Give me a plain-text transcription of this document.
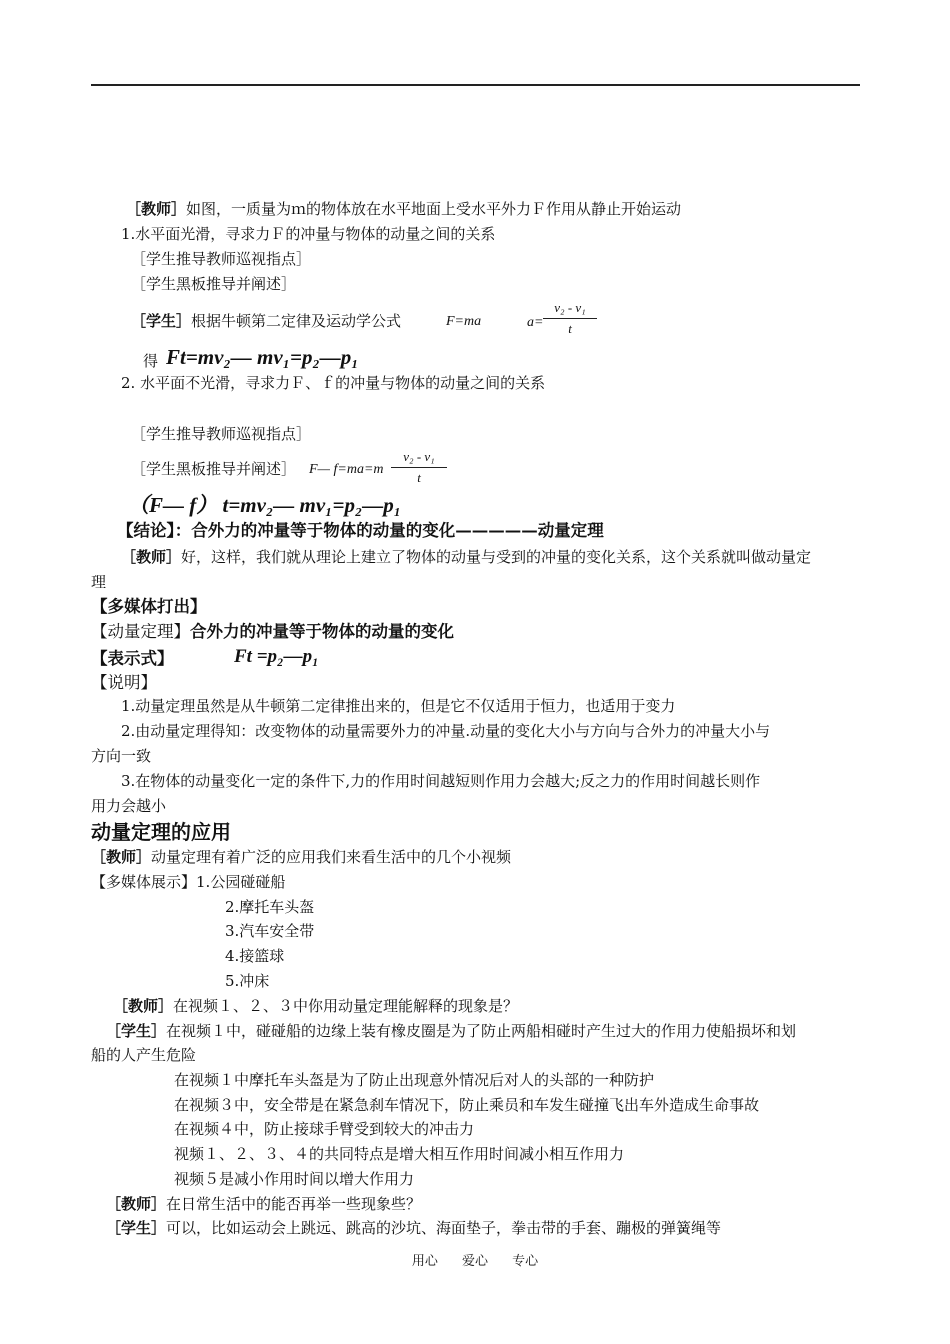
［教师］如图，一质量为ｍ的物体放在水平地面上受水平外力Ｆ作用从静止开始运动
1.水平面光滑，寻求力Ｆ的冲量与物体的动量之间的关系
［学生推导教师巡视指点］
［学生黑板推导并阐述］
［学生］根据牛顿第二定律及运动学公式	F=ma	a=
v₂ - v₁
t
得 Ft=mv₂— mv₁=p₂—p₁
2. 水平面不光滑，寻求力Ｆ、ｆ的冲量与物体的动量之间的关系
［学生推导教师巡视指点］
［学生黑板推导并阐述］ F— f=ma=m
v₂ - v₁
t
（F— f） t=mv₂— mv₁=p₂—p₁
【结论】：合外力的冲量等于物体的动量的变化—————动量定理
［教师］好，这样，我们就从理论上建立了物体的动量与受到的冲量的变化关系，这个关系就叫做动量定
理
【多媒体打出】
【动量定理】合外力的冲量等于物体的动量的变化
【表示式】	Ft =p₂—p₁
【说明】
1.动量定理虽然是从牛顿第二定律推出来的，但是它不仅适用于恒力，也适用于变力
2.由动量定理得知：改变物体的动量需要外力的冲量.动量的变化大小与方向与合外力的冲量大小与
方向一致
3.在物体的动量变化一定的条件下,力的作用时间越短则作用力会越大;反之力的作用时间越长则作
用力会越小
动量定理的应用
［教师］动量定理有着广泛的应用我们来看生活中的几个小视频
【多媒体展示】1.公园碰碰船
2.摩托车头盔
3.汽车安全带
4.接篮球
5.冲床
［教师］在视频１、２、３中你用动量定理能解释的现象是？
［学生］在视频１中，碰碰船的边缘上装有橡皮圈是为了防止两船相碰时产生过大的作用力使船损坏和划
船的人产生危险
在视频１中摩托车头盔是为了防止出现意外情况后对人的头部的一种防护
在视频３中，安全带是在紧急刹车情况下，防止乘员和车发生碰撞飞出车外造成生命事故
在视频４中，防止接球手臂受到较大的冲击力
视频１、２、３、４的共同特点是增大相互作用时间减小相互作用力
视频５是减小作用时间以增大作用力
［教师］在日常生活中的能否再举一些现象些？
［学生］可以，比如运动会上跳远、跳高的沙坑、海面垫子，拳击带的手套、蹦极的弹簧绳等
用心 爱心 专心
